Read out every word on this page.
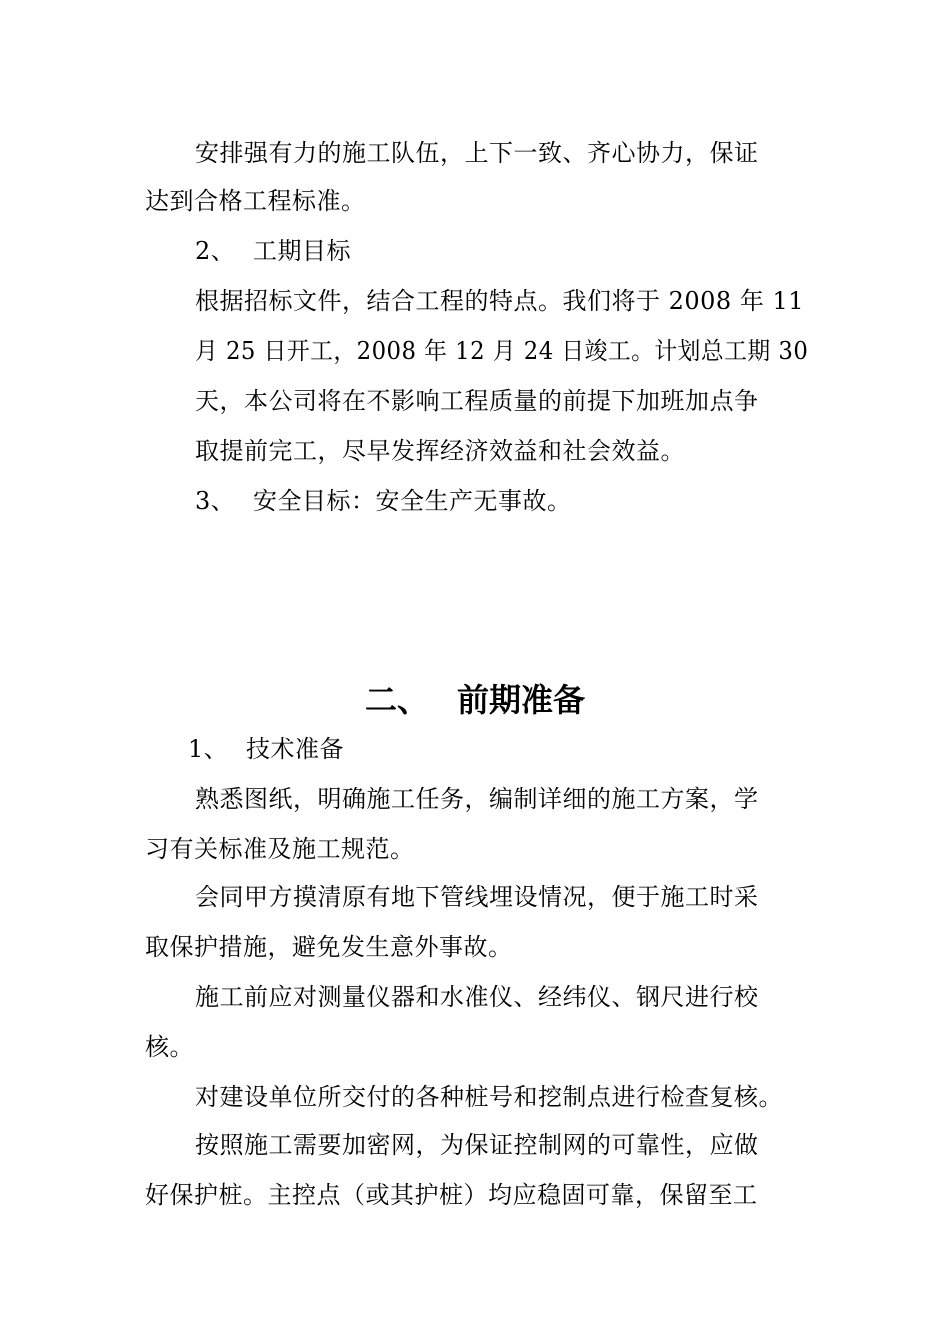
安排强有力的施工队伍，上下一致、齐心协力，保证
达到合格工程标准。
2、 工期目标
根据招标文件，结合工程的特点。我们将于 2008 年 11
月 25 日开工，2008 年 12 月 24 日竣工。计划总工期 30
天，本公司将在不影响工程质量的前提下加班加点争
取提前完工，尽早发挥经济效益和社会效益。
3、 安全目标：安全生产无事故。
二、 前期准备
1、 技术准备
熟悉图纸，明确施工任务，编制详细的施工方案，学
习有关标准及施工规范。
会同甲方摸清原有地下管线埋设情况，便于施工时采
取保护措施，避免发生意外事故。
施工前应对测量仪器和水准仪、经纬仪、钢尺进行校
核。
对建设单位所交付的各种桩号和挖制点进行检查复核。
按照施工需要加密网，为保证控制网的可靠性，应做
好保护桩。主控点（或其护桩）均应稳固可靠，保留至工
